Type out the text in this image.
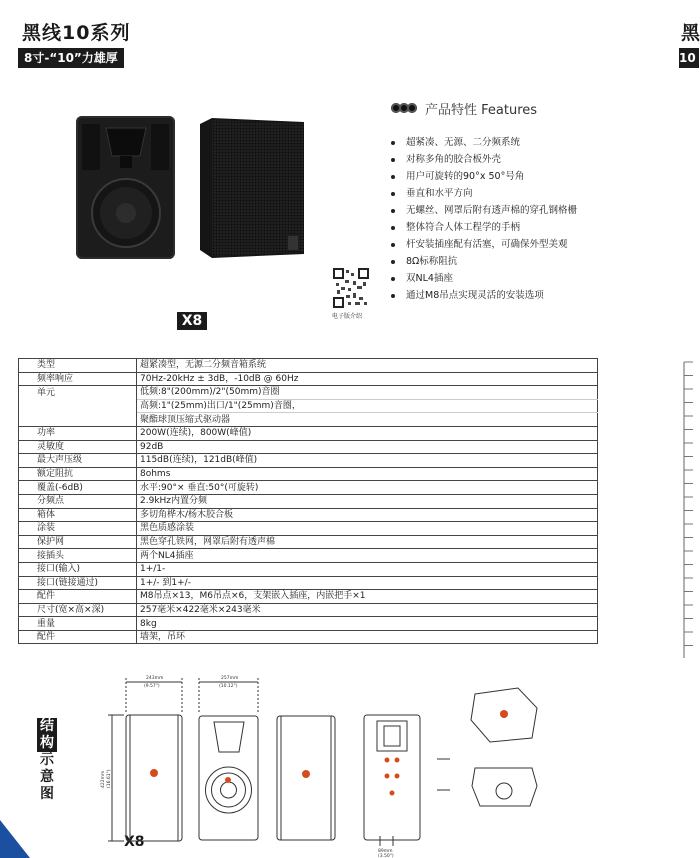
黑线10系列
8寸-“10”力雄厚
黑
10
X8	电子版介绍
产品特性 Features
超紧凑、无源、二分频系统
对称多角的胶合板外壳
用户可旋转的90°x 50°号角
垂直和水平方向
无螺丝、网罩后附有透声棉的穿孔钢格栅
整体符合人体工程学的手柄
杆安装插座配有活塞，可确保外型美观
8Ω标称阻抗
双NL4插座
通过M8吊点实现灵活的安装选项
类型	超紧凑型，无源二分频音箱系统
频率响应	70Hz-20kHz ± 3dB，-10dB @ 60Hz
单元	低频:8"(200mm)/2"(50mm)音圈
	高频:1"(25mm)出口/1"(25mm)音圈，
	聚酯球顶压缩式驱动器
功率	200W(连续)，800W(峰值)
灵敏度	92dB
最大声压级	115dB(连续)，121dB(峰值)
额定阻抗	8ohms
覆盖(-6dB)	水平:90°× 垂直:50°(可旋转)
分频点	2.9kHz内置分频
箱体	多切角桦木/杨木胶合板
涂装	黑色质感涂装
保护网	黑色穿孔铁网，网罩后附有透声棉
接插头	两个NL4插座
接口(输入)	1+/1-
接口(链接通过)	1+/- 到1+/-
配件	M8吊点×13，M6吊点×6，支架嵌入插座，内嵌把手×1
尺寸(宽×高×深)	257毫米×422毫米×243毫米
重量	8kg
配件	墙架，吊环
结
构
示
意
图
X8
243mm
(9.57")
257mm
(10.12")
422mm (16.61")
89mm
(3.50")
